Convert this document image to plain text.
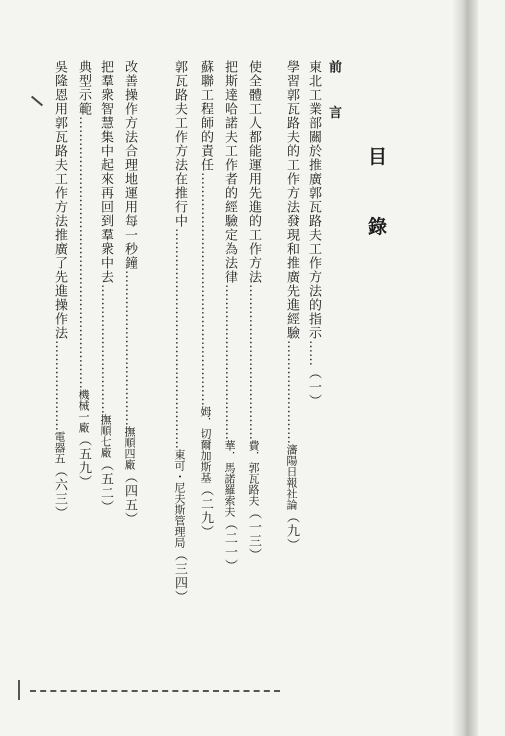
目
錄
前 言
東北工業部關於推廣郭瓦路夫工作方法的指示……（一）
學習郭瓦路夫的工作方法發現和推廣先進經驗……………………瀋陽日報社論（九）
使全體工人都能運用先進的工作方法………………………………費．郭瓦路夫（一三）
把斯達哈諾夫工作者的經驗定為法律………………………………華．馬諾羅索夫（二一）
蘇聯工程師的責任………………………………………………姆．切爾加斯基（二九）
郭瓦路夫工作方法在推行中……………………………………………東可・尼夫斯管理局（三四）
改善操作方法合理地運用每一秒鐘………………………………撫順四廠（四五）
把羣衆智慧集中起來再回到羣衆中去…………………………撫順七廠（五二）
典型示範………………………………………………………機械一廠（五九）
吳隆恩用郭瓦路夫工作方法推廣了先進操作法…………………電器五（六三）
